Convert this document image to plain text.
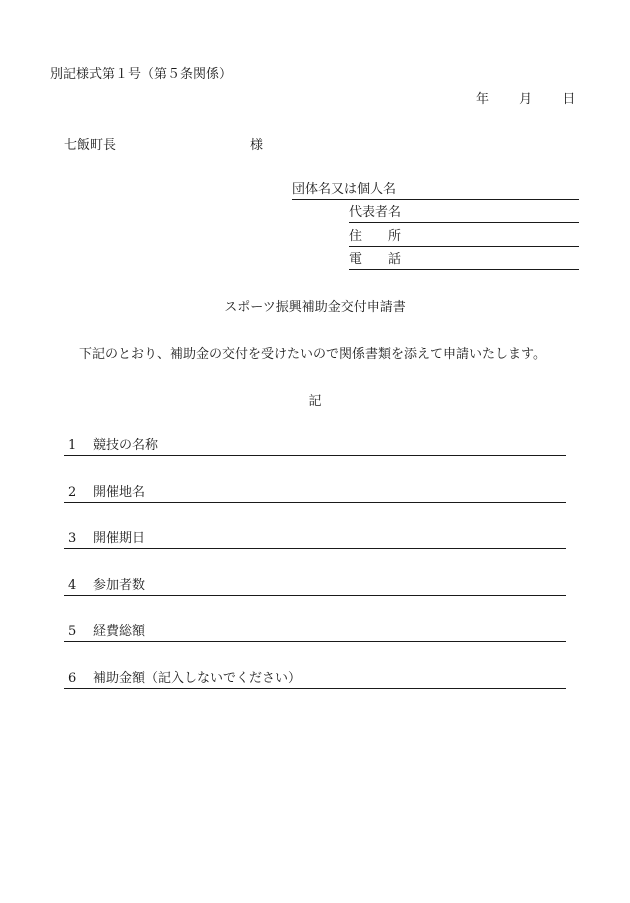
別記様式第１号（第５条関係）
年 月 日
七飯町長	様
団体名又は個人名
代表者名
住　　所
電　　話
スポーツ振興補助金交付申請書
下記のとおり、補助金の交付を受けたいので関係書類を添えて申請いたします。
記
1 競技の名称
2 開催地名
3 開催期日
4 参加者数
5 経費総額
6 補助金額（記入しないでください）
